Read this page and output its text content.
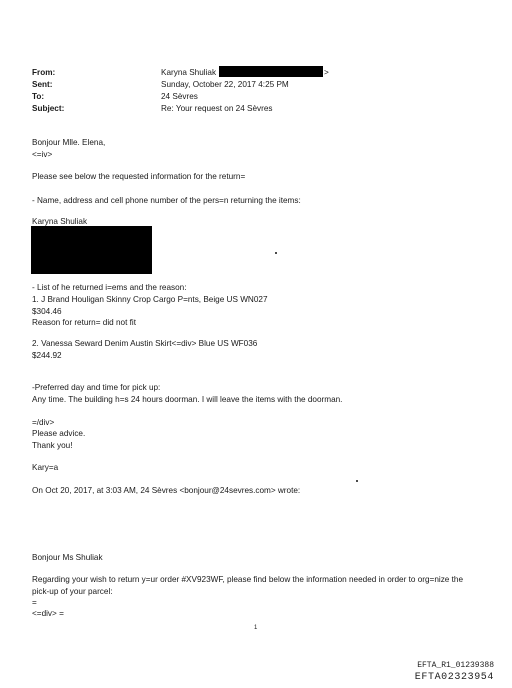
From:	Karyna Shuliak	>
Sent:	Sunday, October 22, 2017 4:25 PM
To:	24 Sèvres
Subject:	Re: Your request on 24 Sèvres
Bonjour Mlle. Elena,
<=iv>
Please see below the requested information for the return=
- Name, address and cell phone number of the pers=n returning the items:
Karyna Shuliak
- List of he returned i=ems and the reason:
1. J Brand Houligan Skinny Crop Cargo P=nts, Beige US WN027
$304.46
Reason for return= did not fit
2. Vanessa Seward Denim Austin Skirt<=div> Blue US WF036
$244.92
-Preferred day and time for pick up:
Any time. The building h=s 24 hours doorman. I will leave the items with the doorman.
=/div>
Please advice.
Thank you!
Kary=a
On Oct 20, 2017, at 3:03 AM, 24 Sèvres <bonjour@24sevres.com> wrote:
Bonjour Ms Shuliak
Regarding your wish to return y=ur order #XV923WF, please find below the information needed in order to org=nize the
pick-up of your parcel:
=
<=div> =
1
EFTA_R1_01239388
EFTA02323954
